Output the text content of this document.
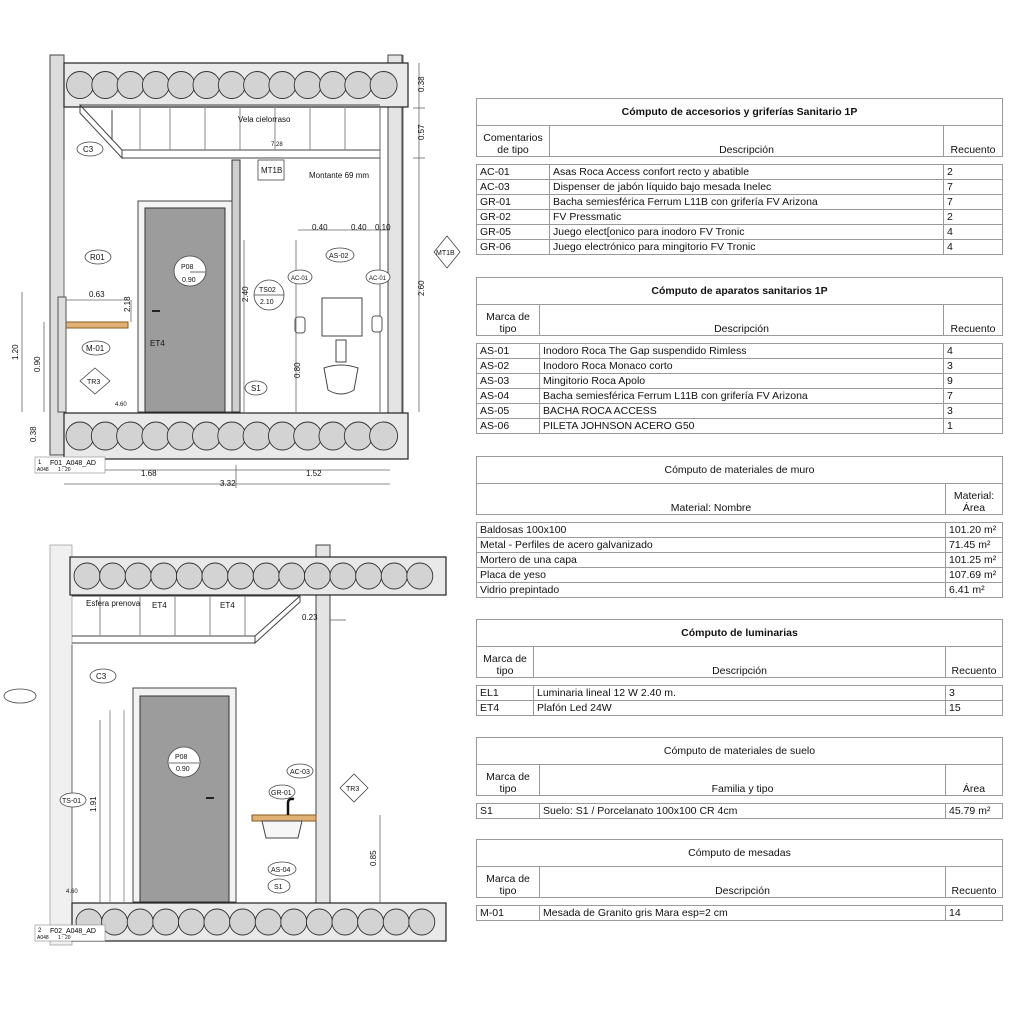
Vela cielorraso
Montante 69 mm
C3
MT1B
MT1B
R01
M-01
TR3
ET4
P08
0.90
TS02
2.10
S1
AS-02
AC-01	AC-01
0.38
0.57
2.60
0.38
1.20
0.90
0.63
2.18
2.40
0.80
0.40	0.40 0.10
1.68	1.52
3.32
7.28
4.60
1 F01_A048_AD
A048 1 : 20
Esfera prenova ET4	ET4
C3
P08
0.90
TS-01
AC-03
GR-01
TR3
AS-04
S1
0.23
1.91
0.85
4.60
2 F02_A048_AD
A048 1 : 20
Cómputo de accesorios y griferías Sanitario 1P		
Comentarios de tipo	Descripción	Recuento

AC-01	Asas Roca Access confort recto y abatible	2
AC-03	Dispenser de jabón líquido bajo mesada Inelec	7
GR-01	Bacha semiesférica Ferrum L11B con grifería FV Arizona	7
GR-02	FV Pressmatic	2
GR-05	Juego elect[onico para inodoro FV Tronic	4
GR-06	Juego electrónico para mingitorio FV Tronic	4
Cómputo de aparatos sanitarios 1P		
Marca de tipo	Descripción	Recuento

AS-01	Inodoro Roca The Gap suspendido Rimless	4
AS-02	Inodoro Roca Monaco corto	3
AS-03	Mingitorio Roca Apolo	9
AS-04	Bacha semiesférica Ferrum L11B con grifería FV Arizona	7
AS-05	BACHA ROCA ACCESS	3
AS-06	PILETA JOHNSON ACERO G50	1
Cómputo de materiales de muro	
Material: Nombre	Material: Área

Baldosas 100x100	101.20 m²
Metal - Perfiles de acero galvanizado	71.45 m²
Mortero de una capa	101.25 m²
Placa de yeso	107.69 m²
Vidrio prepintado	6.41 m²
Cómputo de luminarias		
Marca de tipo	Descripción	Recuento

EL1	Luminaria lineal 12 W 2.40 m.	3
ET4	Plafón Led 24W	15
Cómputo de materiales de suelo		
Marca de tipo	Familia y tipo	Área

S1	Suelo: S1 / Porcelanato 100x100 CR 4cm	45.79 m²
Cómputo de mesadas		
Marca de tipo	Descripción	Recuento

M-01	Mesada de Granito gris Mara esp=2 cm	14
